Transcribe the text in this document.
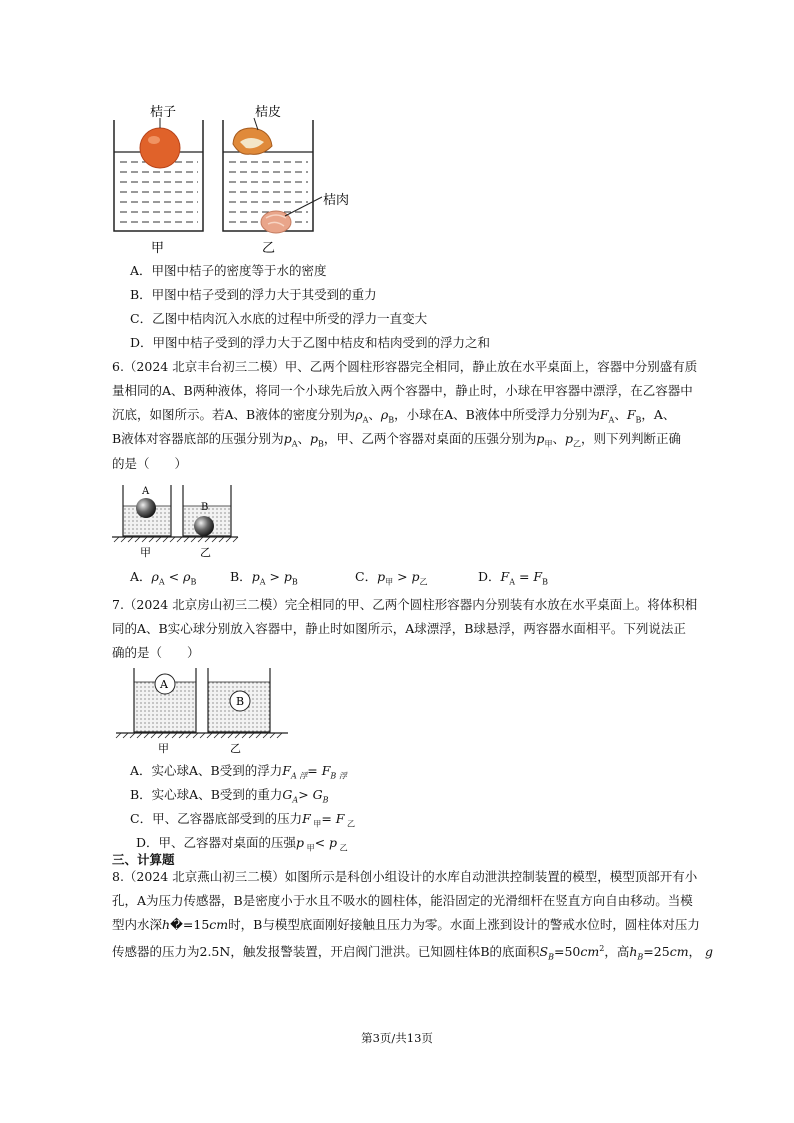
桔子	桔皮
桔肉
甲	乙
A．甲图中桔子的密度等于水的密度
B．甲图中桔子受到的浮力大于其受到的重力
C．乙图中桔肉沉入水底的过程中所受的浮力一直变大
D．甲图中桔子受到的浮力大于乙图中桔皮和桔肉受到的浮力之和
6.（2024 北京丰台初三二模）甲、乙两个圆柱形容器完全相同，静止放在水平桌面上，容器中分别盛有质
量相同的A、B两种液体，将同一个小球先后放入两个容器中，静止时，小球在甲容器中漂浮，在乙容器中
沉底，如图所示。若A、B液体的密度分别为$\rho_A$、$\rho_B$，小球在A、B液体中所受浮力分别为$F_A$、$F_B$，A、
B液体对容器底部的压强分别为$p_A$、$p_B$，甲、乙两个容器对桌面的压强分别为$p_甲$、$p_乙$，则下列判断正确
的是（　　）
A
B
甲	乙
A．$\rho_A < \rho_B$	B．$p_A > p_B$	C．$p_甲 > p_乙$	D．$F_A = F_B$
7.（2024 北京房山初三二模）完全相同的甲、乙两个圆柱形容器内分别装有水放在水平桌面上。将体积相
同的A、B实心球分别放入容器中，静止时如图所示，A球漂浮，B球悬浮，两容器水面相平。下列说法正
确的是（　　）
A
B
甲	乙
A．实心球A、B受到的浮力$F_{A 浮}= F_{B 浮}$
B．实心球A、B受到的重力$G_A> G_B$
C．甲、乙容器底部受到的压力F $_甲$= F $_乙$
D．甲、乙容器对桌面的压强p $_甲$< p $_乙$
三、计算题
8.（2024 北京燕山初三二模）如图所示是科创小组设计的水库自动泄洪控制装置的模型，模型顶部开有小
孔，A为压力传感器，B是密度小于水且不吸水的圆柱体，能沿固定的光滑细杆在竖直方向自由移动。当模
型内水深h�=15cm时，B与模型底面刚好接触且压力为零。水面上涨到设计的警戒水位时，圆柱体对压力
传感器的压力为2.5N，触发报警装置，开启阀门泄洪。已知圆柱体B的底面积$S_B=50cm^2$，高$h_B=25cm$， g
第3页/共13页
